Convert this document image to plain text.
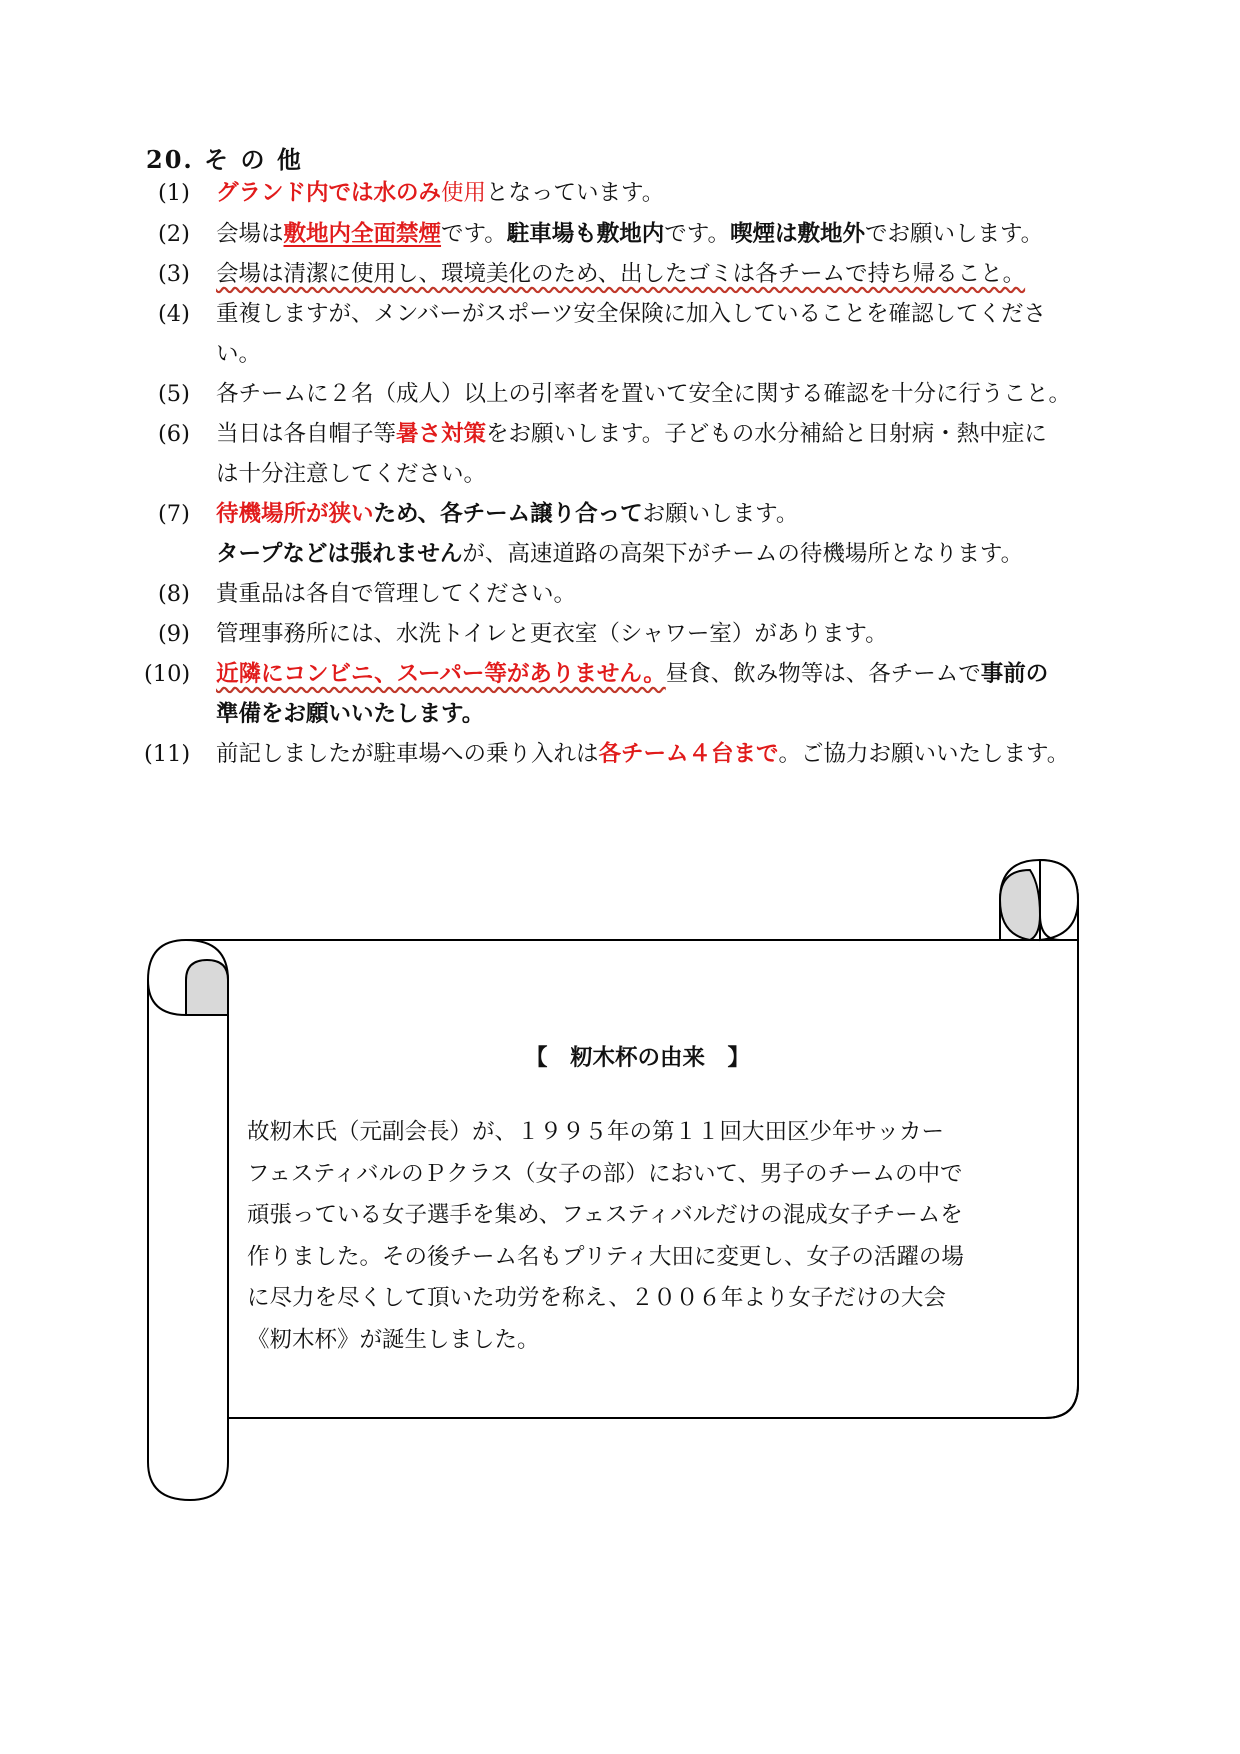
20. そ の 他
(1) グランド内では水のみ使用となっています。
(2) 会場は敷地内全面禁煙です。駐車場も敷地内です。喫煙は敷地外でお願いします。
(3) 会場は清潔に使用し、環境美化のため、出したゴミは各チームで持ち帰ること。
(4) 重複しますが、メンバーがスポーツ安全保険に加入していることを確認してくださ
い。
(5) 各チームに２名（成人）以上の引率者を置いて安全に関する確認を十分に行うこと。
(6) 当日は各自帽子等暑さ対策をお願いします。子どもの水分補給と日射病・熱中症に
は十分注意してください。
(7) 待機場所が狭いため、各チーム譲り合ってお願いします。
タープなどは張れませんが、高速道路の高架下がチームの待機場所となります。
(8) 貴重品は各自で管理してください。
(9) 管理事務所には、水洗トイレと更衣室（シャワー室）があります。
(10) 近隣にコンビニ、スーパー等がありません。昼食、飲み物等は、各チームで事前の
準備をお願いいたします。
(11) 前記しましたが駐車場への乗り入れは各チーム４台まで。ご協力お願いいたします。
【　籾木杯の由来　】
故籾木氏（元副会長）が、１９９５年の第１１回大田区少年サッカー
フェスティバルのＰクラス（女子の部）において、男子のチームの中で
頑張っている女子選手を集め、フェスティバルだけの混成女子チームを
作りました。その後チーム名もプリティ大田に変更し、女子の活躍の場
に尽力を尽くして頂いた功労を称え、２００６年より女子だけの大会
《籾木杯》が誕生しました。
